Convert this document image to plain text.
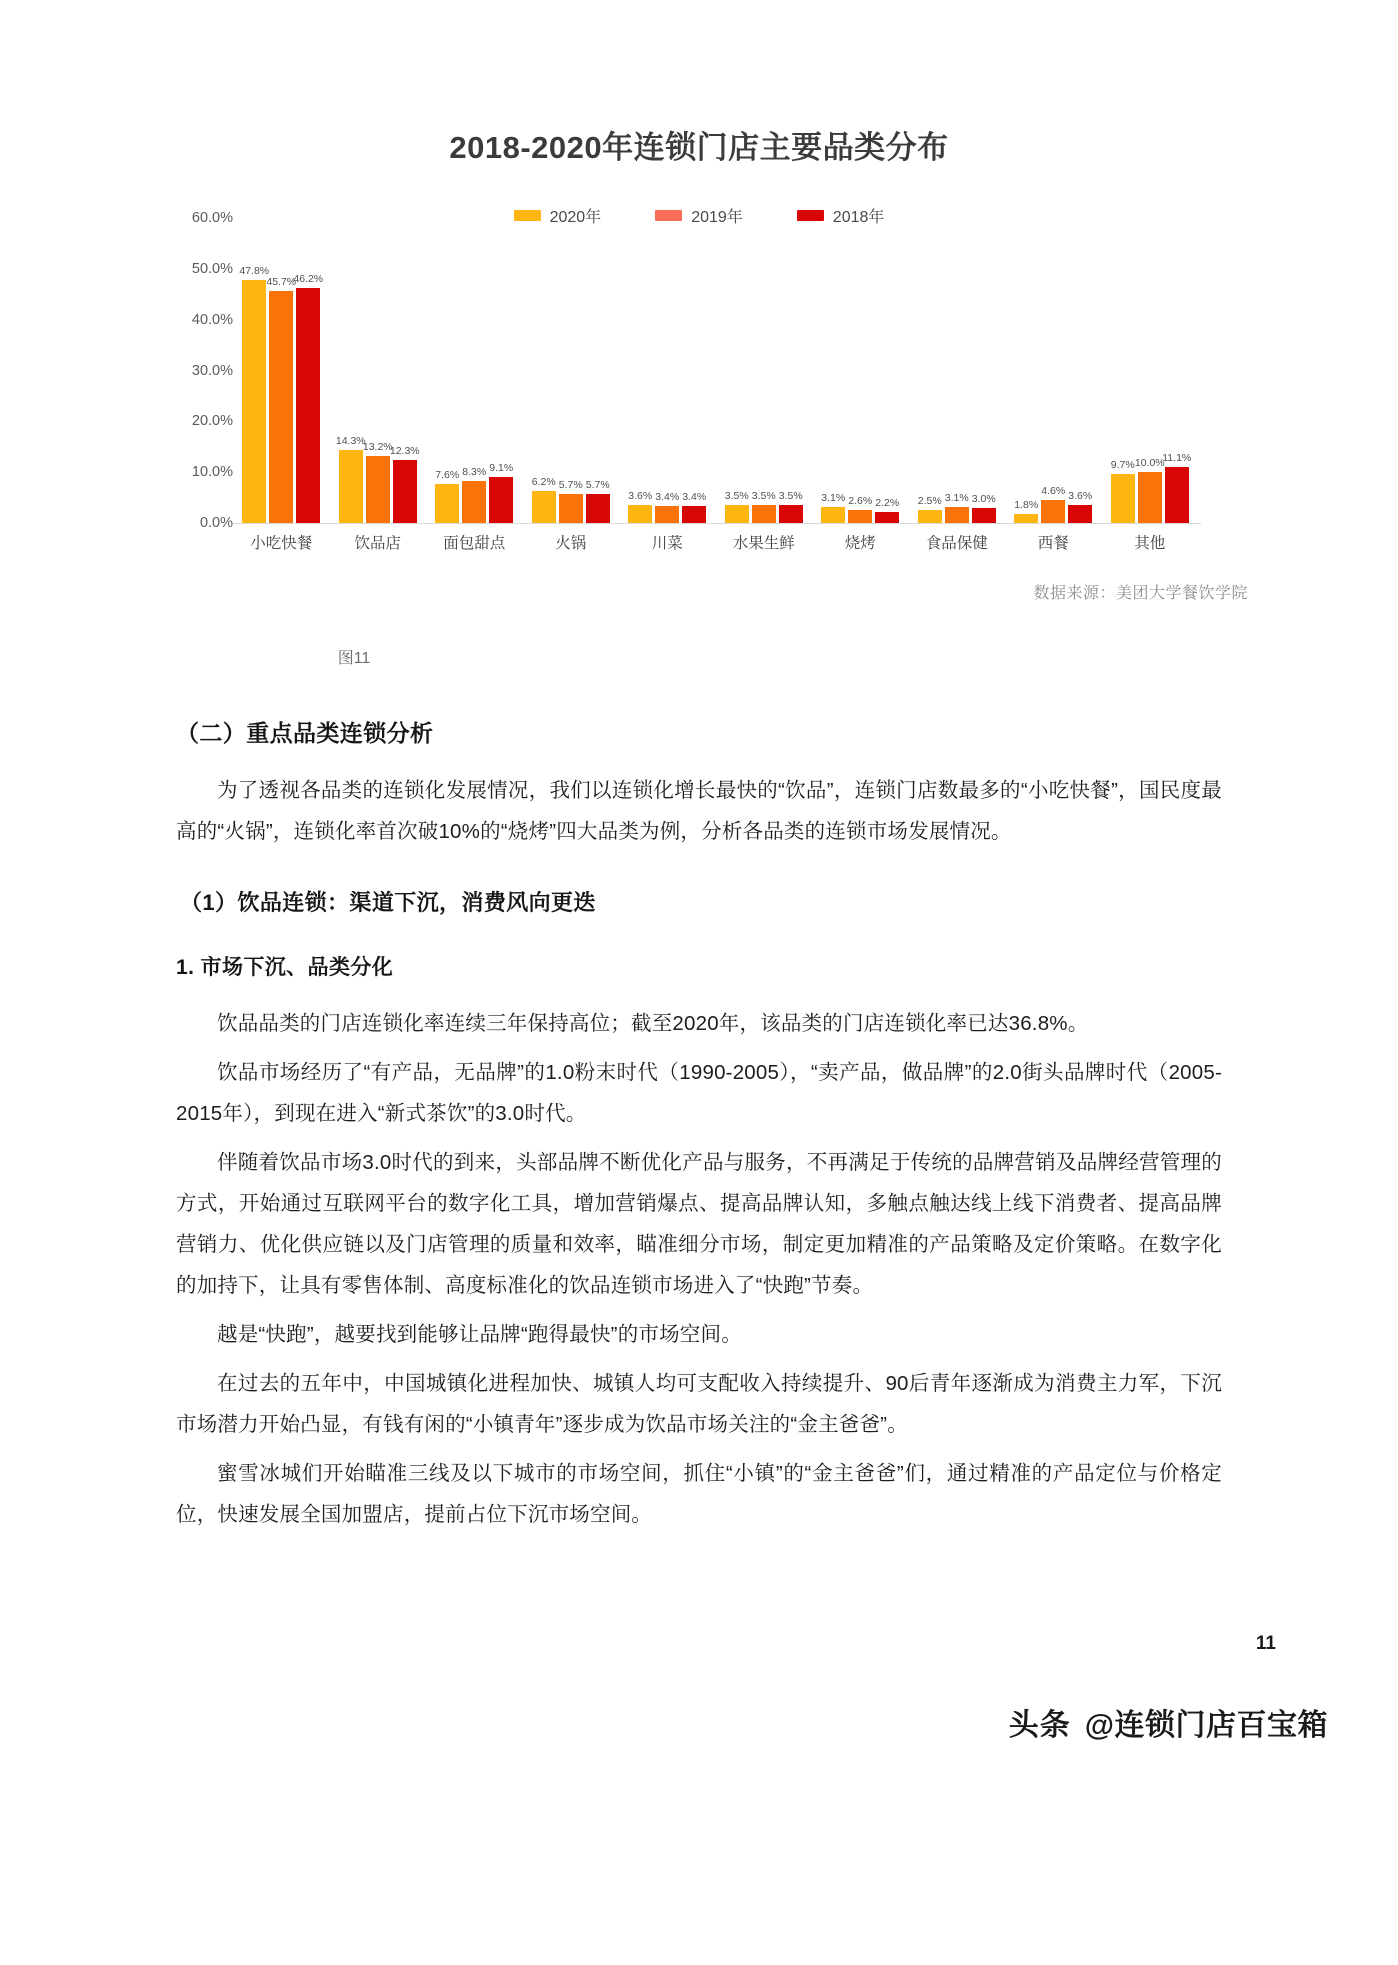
2018-2020年连锁门店主要品类分布
2020年	2019年	2018年
60.0%
50.0%
40.0%
30.0%
20.0%
10.0%
0.0%
47.8%
45.7%
46.2%
14.3%
13.2%
12.3%
7.6% 8.3% 9.1%
6.2% 5.7% 5.7%
3.6% 3.4% 3.4% 3.5% 3.5% 3.5% 3.1% 2.6% 2.2% 2.5% 3.1% 3.0%
1.8%
4.6% 3.6%
9.7% 10.0%
11.1%
小吃快餐	饮品店	面包甜点	火锅	川菜	水果生鲜	烧烤	食品保健	西餐	其他
数据来源：美团大学餐饮学院
图11
（二）重点品类连锁分析

为了透视各品类的连锁化发展情况，我们以连锁化增长最快的“饮品”，连锁门店数最多的“小吃快餐”，国民度最高的“火锅”，连锁化率首次破10%的“烧烤”四大品类为例，分析各品类的连锁市场发展情况。

（1）饮品连锁：渠道下沉，消费风向更迭
1. 市场下沉、品类分化

饮品品类的门店连锁化率连续三年保持高位；截至2020年，该品类的门店连锁化率已达36.8%。

饮品市场经历了“有产品，无品牌”的1.0粉末时代（1990-2005），“卖产品，做品牌”的2.0街头品牌时代（2005-2015年），到现在进入“新式茶饮”的3.0时代。

伴随着饮品市场3.0时代的到来，头部品牌不断优化产品与服务，不再满足于传统的品牌营销及品牌经营管理的方式，开始通过互联网平台的数字化工具，增加营销爆点、提高品牌认知，多触点触达线上线下消费者、提高品牌营销力、优化供应链以及门店管理的质量和效率，瞄准细分市场，制定更加精准的产品策略及定价策略。在数字化的加持下，让具有零售体制、高度标准化的饮品连锁市场进入了“快跑”节奏。

越是“快跑”，越要找到能够让品牌“跑得最快”的市场空间。

在过去的五年中，中国城镇化进程加快、城镇人均可支配收入持续提升、90后青年逐渐成为消费主力军，下沉市场潜力开始凸显，有钱有闲的“小镇青年”逐步成为饮品市场关注的“金主爸爸”。

蜜雪冰城们开始瞄准三线及以下城市的市场空间，抓住“小镇”的“金主爸爸”们，通过精准的产品定位与价格定位，快速发展全国加盟店，提前占位下沉市场空间。

11
头条 @连锁门店百宝箱
